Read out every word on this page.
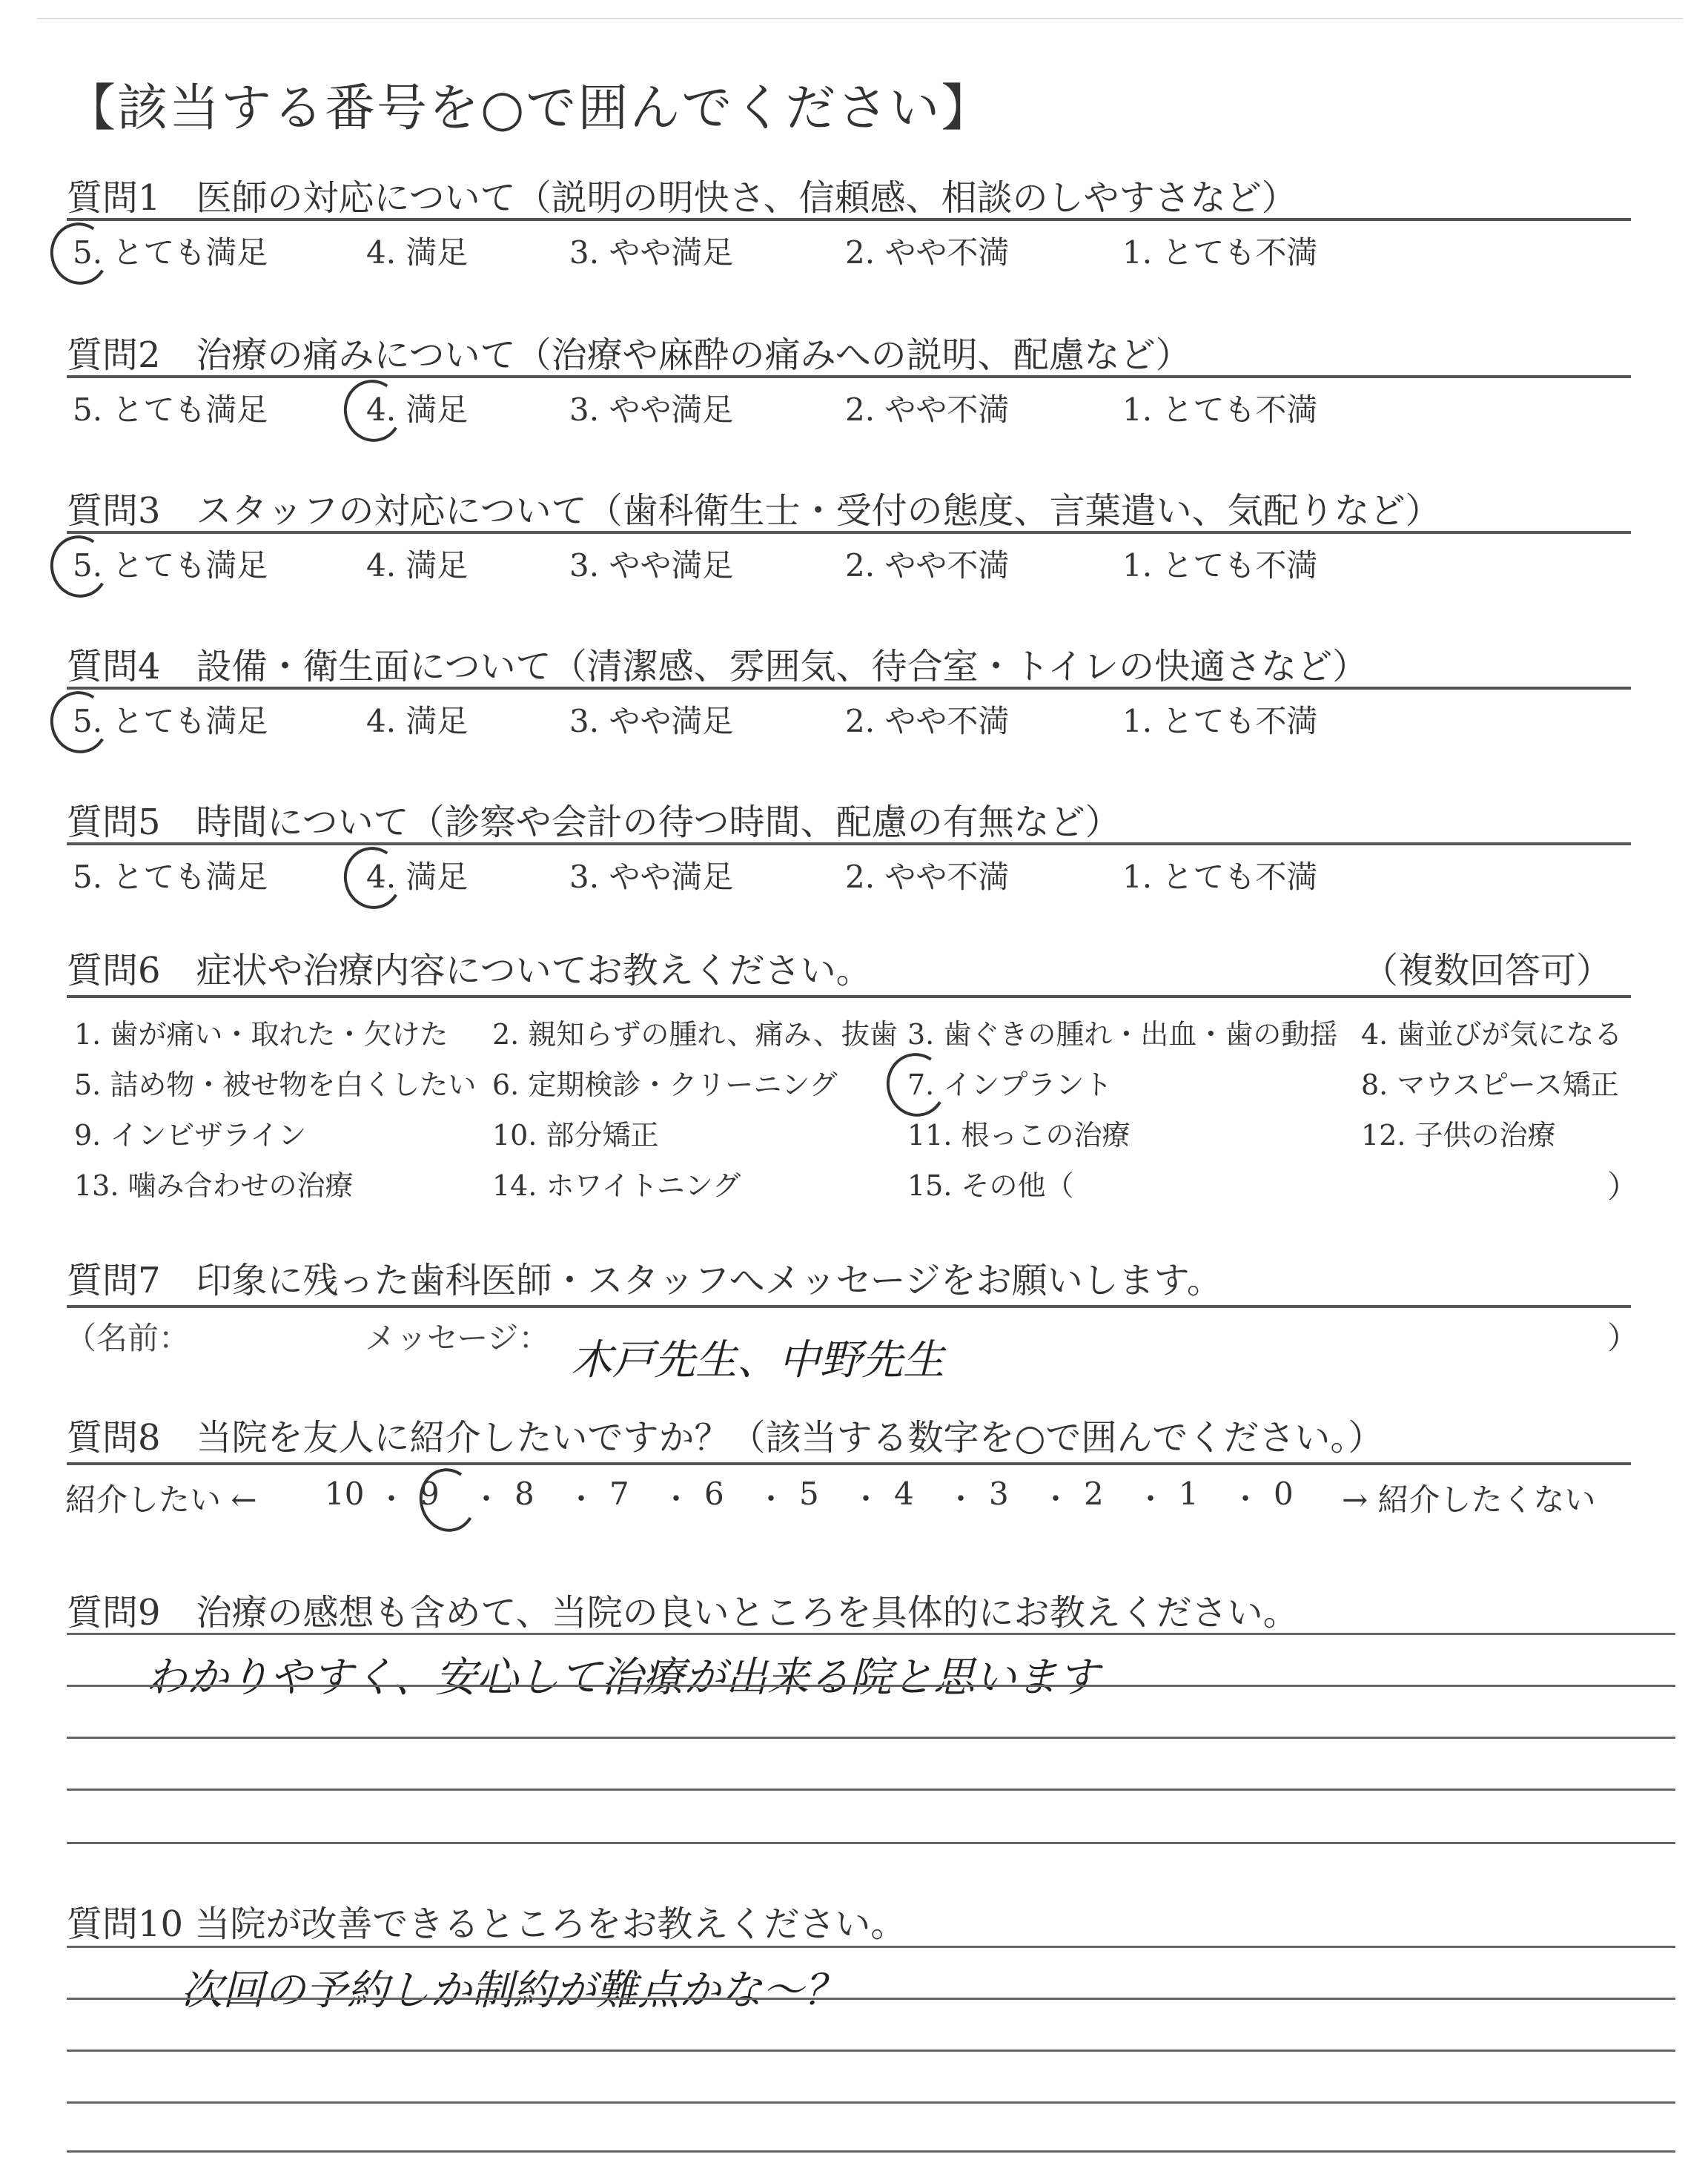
【該当する番号を○で囲んでください】
質問1　医師の対応について（説明の明快さ、信頼感、相談のしやすさなど）
5. とても満足	4. 満足	3. やや満足	2. やや不満	1. とても不満
質問2　治療の痛みについて（治療や麻酔の痛みへの説明、配慮など）
5. とても満足	4. 満足	3. やや満足	2. やや不満	1. とても不満
質問3　スタッフの対応について（歯科衛生士・受付の態度、言葉遣い、気配りなど）
5. とても満足	4. 満足	3. やや満足	2. やや不満	1. とても不満
質問4　設備・衛生面について（清潔感、雰囲気、待合室・トイレの快適さなど）
5. とても満足	4. 満足	3. やや満足	2. やや不満	1. とても不満
質問5　時間について（診察や会計の待つ時間、配慮の有無など）
5. とても満足	4. 満足	3. やや満足	2. やや不満	1. とても不満
質問6　症状や治療内容についてお教えください。	（複数回答可）
1. 歯が痛い・取れた・欠けた 2. 親知らずの腫れ、痛み、抜歯 3. 歯ぐきの腫れ・出血・歯の動揺 4. 歯並びが気になる
5. 詰め物・被せ物を白くしたい 6. 定期検診・クリーニング 7. インプラント	8. マウスピース矯正
9. インビザライン	10. 部分矯正	11. 根っこの治療	12. 子供の治療
13. 噛み合わせの治療	14. ホワイトニング	15. その他（	）
質問7　印象に残った歯科医師・スタッフへメッセージをお願いします。
（名前：	メッセージ： 木戸先生、中野先生	）
質問8　当院を友人に紹介したいですか？（該当する数字を○で囲んでください。）
紹介したい ←	→ 紹介したくない
10 ・ 9 ・ 8 ・ 7 ・ 6 ・ 5 ・ 4 ・ 3 ・ 2 ・ 1 ・ 0
質問9　治療の感想も含めて、当院の良いところを具体的にお教えください。
わかりやすく、安心して治療が出来る院と思います
質問10 当院が改善できるところをお教えください。
次回の予約しか制約が難点かな〜？
